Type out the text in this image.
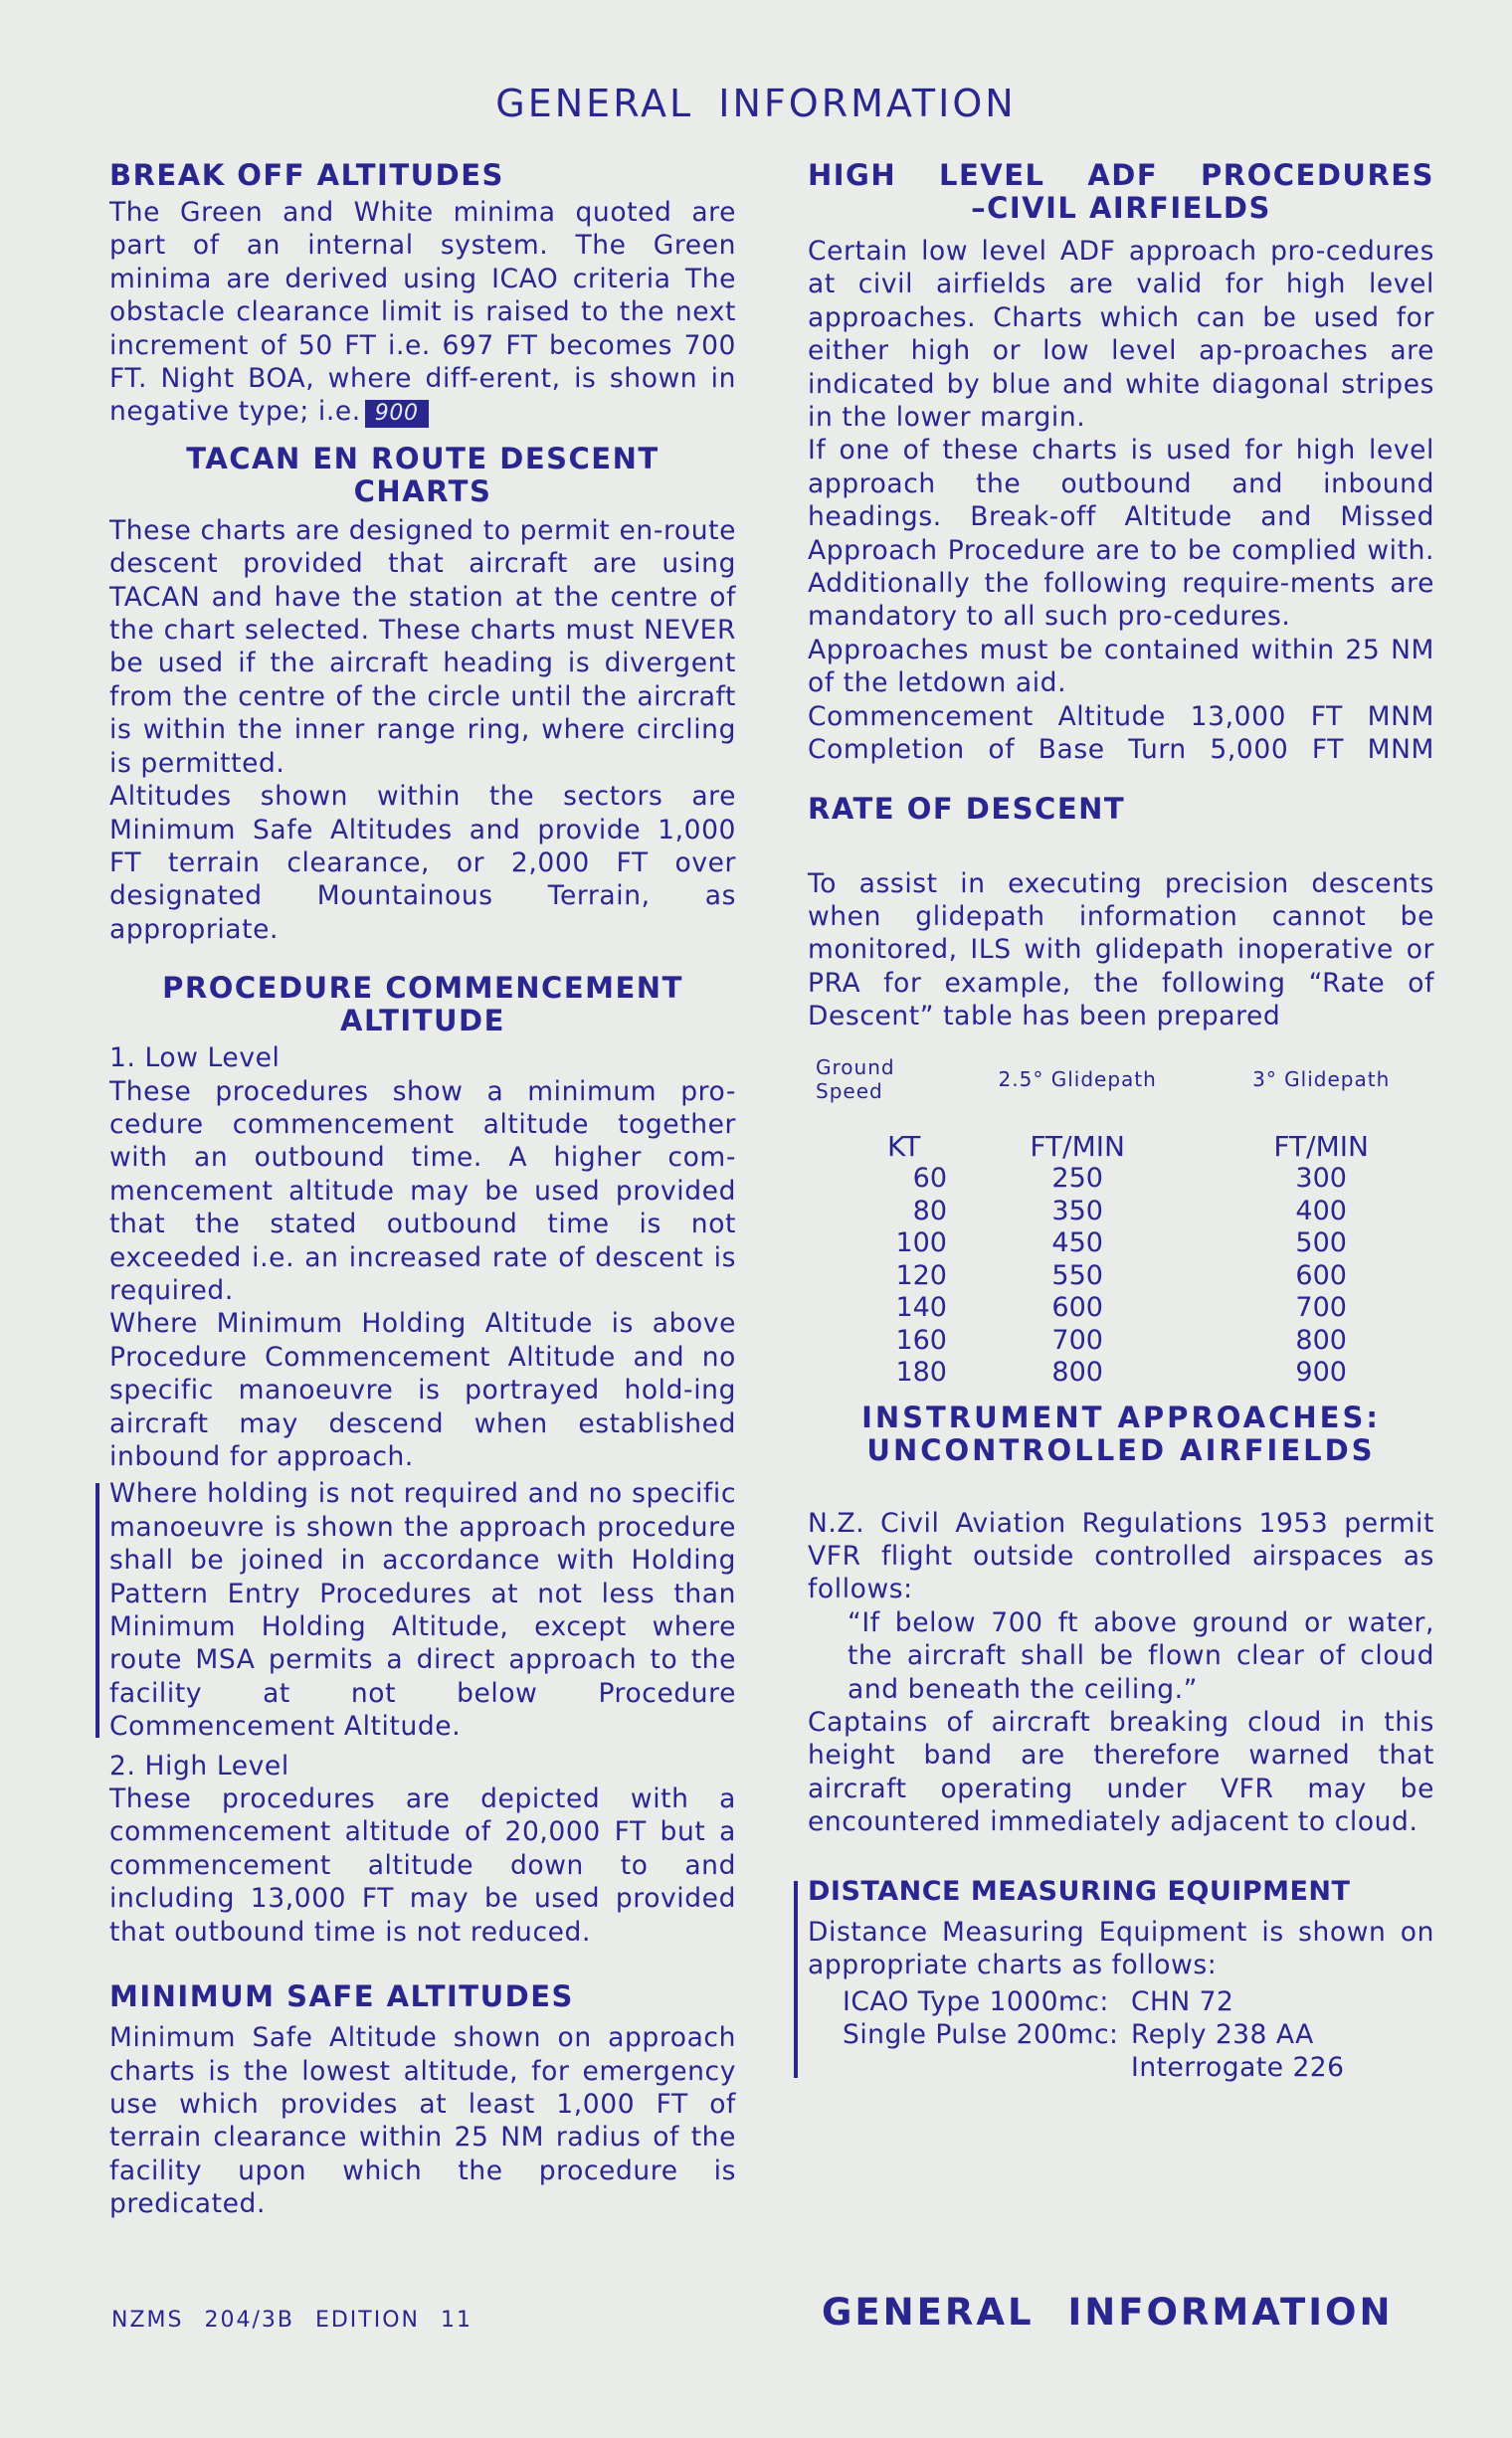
GENERAL INFORMATION
BREAK OFF ALTITUDES

The Green and White minima quoted are part of an internal system. The Green minima are derived using ICAO criteria The obstacle clearance limit is raised to the next increment of 50 FT i.e. 697 FT becomes 700 FT. Night BOA, where diff-erent, is shown in negative type; i.e. 900

TACAN EN ROUTE DESCENT CHARTS

These charts are designed to permit en-route descent provided that aircraft are using TACAN and have the station at the centre of the chart selected. These charts must NEVER be used if the aircraft heading is divergent from the centre of the circle until the aircraft is within the inner range ring, where circling is permitted.

Altitudes shown within the sectors are Minimum Safe Altitudes and provide 1,000 FT terrain clearance, or 2,000 FT over designated Mountainous Terrain, as appropriate.

PROCEDURE COMMENCEMENT ALTITUDE

1. Low Level

These procedures show a minimum pro-cedure commencement altitude together with an outbound time. A higher com-mencement altitude may be used provided that the stated outbound time is not exceeded i.e. an increased rate of descent is required.

Where Minimum Holding Altitude is above Procedure Commencement Altitude and no specific manoeuvre is portrayed hold-ing aircraft may descend when established inbound for approach.

Where holding is not required and no specific manoeuvre is shown the approach procedure shall be joined in accordance with Holding Pattern Entry Procedures at not less than Minimum Holding Altitude, except where route MSA permits a direct approach to the facility at not below Procedure Commencement Altitude.

2. High Level

These procedures are depicted with a commencement altitude of 20,000 FT but a commencement altitude down to and including 13,000 FT may be used provided that outbound time is not reduced.

MINIMUM SAFE ALTITUDES

Minimum Safe Altitude shown on approach charts is the lowest altitude, for emergency use which provides at least 1,000 FT of terrain clearance within 25 NM radius of the facility upon which the procedure is predicated.

HIGH LEVEL ADF PROCEDURES
–CIVIL AIRFIELDS

Certain low level ADF approach pro-cedures at civil airfields are valid for high level approaches. Charts which can be used for either high or low level ap-proaches are indicated by blue and white diagonal stripes in the lower margin.

If one of these charts is used for high level approach the outbound and inbound headings. Break-off Altitude and Missed Approach Procedure are to be complied with. Additionally the following require-ments are mandatory to all such pro-cedures.

Approaches must be contained within 25 NM of the letdown aid.

Commencement Altitude 13,000 FT MNM

Completion of Base Turn 5,000 FT MNM

RATE OF DESCENT

To assist in executing precision descents when glidepath information cannot be monitored, ILS with glidepath inoperative or PRA for example, the following “Rate of Descent” table has been prepared

Ground Speed	2.5° Glidepath	3° Glidepath
KT	FT/MIN	FT/MIN
60	250	300
80	350	400
100	450	500
120	550	600
140	600	700
160	700	800
180	800	900
INSTRUMENT APPROACHES:
UNCONTROLLED AIRFIELDS

N.Z. Civil Aviation Regulations 1953 permit VFR flight outside controlled airspaces as follows:

“If below 700 ft above ground or water, the aircraft shall be flown clear of cloud and beneath the ceiling.”

Captains of aircraft breaking cloud in this height band are therefore warned that aircraft operating under VFR may be encountered immediately adjacent to cloud.

DISTANCE MEASURING EQUIPMENT

Distance Measuring Equipment is shown on appropriate charts as follows:

ICAO Type 1000mc: CHN 72
Single Pulse 200mc: Reply 238 AA
Interrogate 226
NZMS 204/3B EDITION 11	GENERAL INFORMATION
